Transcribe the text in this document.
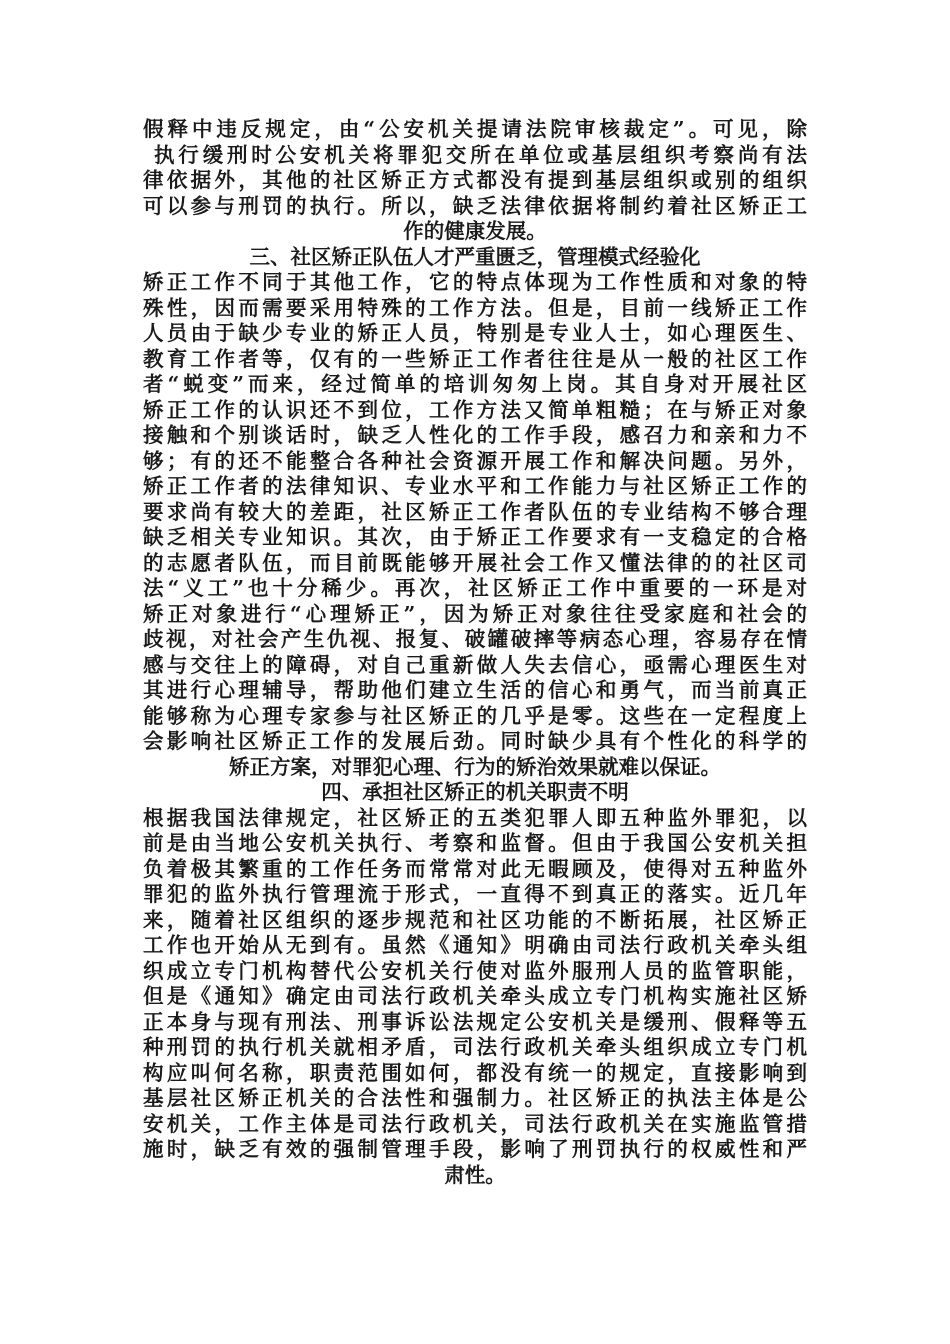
假释中违反规定，由“公安机关提请法院审核裁定”。可见，除
执行缓刑时公安机关将罪犯交所在单位或基层组织考察尚有法
律依据外，其他的社区矫正方式都没有提到基层组织或别的组织
可以参与刑罚的执行。所以，缺乏法律依据将制约着社区矫正工
作的健康发展。
三、社区矫正队伍人才严重匮乏，管理模式经验化
矫正工作不同于其他工作，它的特点体现为工作性质和对象的特
殊性，因而需要采用特殊的工作方法。但是，目前一线矫正工作
人员由于缺少专业的矫正人员，特别是专业人士，如心理医生、
教育工作者等，仅有的一些矫正工作者往往是从一般的社区工作
者“蜕变”而来，经过简单的培训匆匆上岗。其自身对开展社区
矫正工作的认识还不到位，工作方法又简单粗糙；在与矫正对象
接触和个别谈话时，缺乏人性化的工作手段，感召力和亲和力不
够；有的还不能整合各种社会资源开展工作和解决问题。另外，
矫正工作者的法律知识、专业水平和工作能力与社区矫正工作的
要求尚有较大的差距，社区矫正工作者队伍的专业结构不够合理
缺乏相关专业知识。其次，由于矫正工作要求有一支稳定的合格
的志愿者队伍，而目前既能够开展社会工作又懂法律的的社区司
法“义工”也十分稀少。再次，社区矫正工作中重要的一环是对
矫正对象进行“心理矫正”，因为矫正对象往往受家庭和社会的
歧视，对社会产生仇视、报复、破罐破摔等病态心理，容易存在情
感与交往上的障碍，对自己重新做人失去信心，亟需心理医生对
其进行心理辅导，帮助他们建立生活的信心和勇气，而当前真正
能够称为心理专家参与社区矫正的几乎是零。这些在一定程度上
会影响社区矫正工作的发展后劲。同时缺少具有个性化的科学的
矫正方案，对罪犯心理、行为的矫治效果就难以保证。
四、承担社区矫正的机关职责不明
根据我国法律规定，社区矫正的五类犯罪人即五种监外罪犯，以
前是由当地公安机关执行、考察和监督。但由于我国公安机关担
负着极其繁重的工作任务而常常对此无暇顾及，使得对五种监外
罪犯的监外执行管理流于形式，一直得不到真正的落实。近几年
来，随着社区组织的逐步规范和社区功能的不断拓展，社区矫正
工作也开始从无到有。虽然《通知》明确由司法行政机关牵头组
织成立专门机构替代公安机关行使对监外服刑人员的监管职能，
但是《通知》确定由司法行政机关牵头成立专门机构实施社区矫
正本身与现有刑法、刑事诉讼法规定公安机关是缓刑、假释等五
种刑罚的执行机关就相矛盾，司法行政机关牵头组织成立专门机
构应叫何名称，职责范围如何，都没有统一的规定，直接影响到
基层社区矫正机关的合法性和强制力。社区矫正的执法主体是公
安机关，工作主体是司法行政机关，司法行政机关在实施监管措
施时，缺乏有效的强制管理手段，影响了刑罚执行的权威性和严
肃性。
